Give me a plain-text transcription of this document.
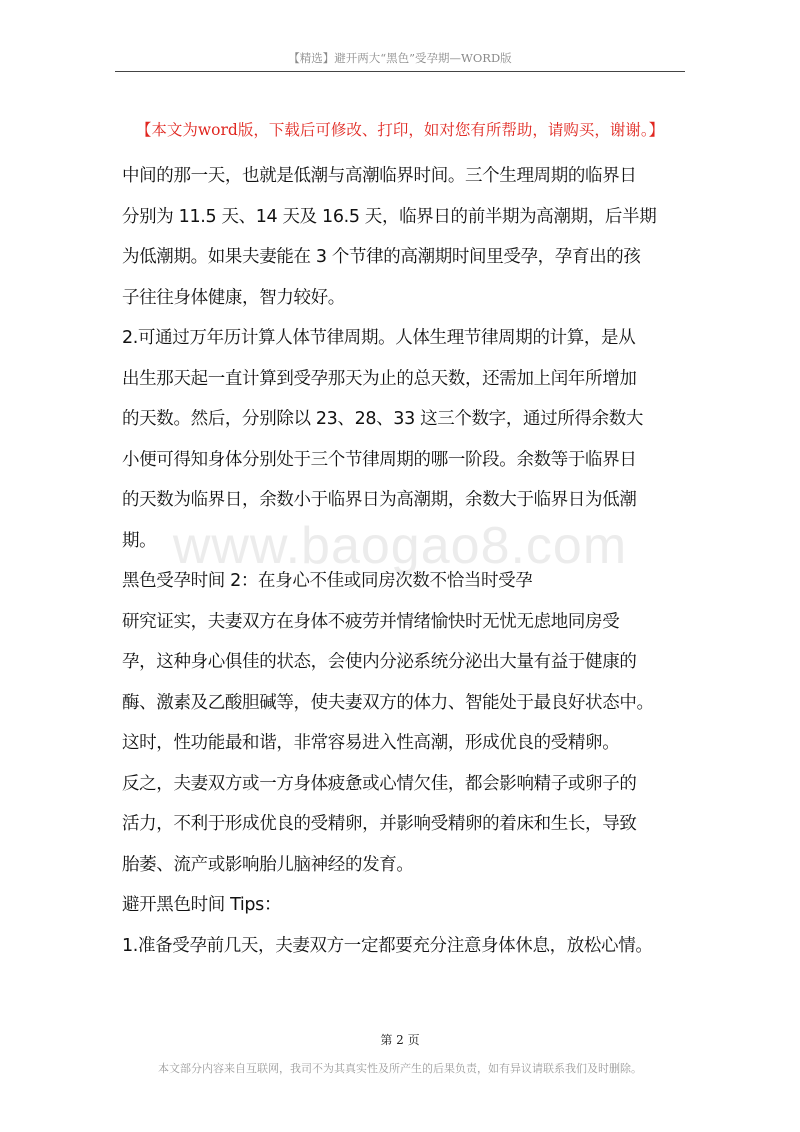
【精选】避开两大“黑色”受孕期—WORD版
【本文为word版，下载后可修改、打印，如对您有所帮助，请购买，谢谢。】
www.baogao8.com
中间的那一天，也就是低潮与高潮临界时间。三个生理周期的临界日
分别为 11.5 天、14 天及 16.5 天，临界日的前半期为高潮期，后半期
为低潮期。如果夫妻能在 3 个节律的高潮期时间里受孕，孕育出的孩
子往往身体健康，智力较好。
2.可通过万年历计算人体节律周期。人体生理节律周期的计算，是从
出生那天起一直计算到受孕那天为止的总天数，还需加上闰年所增加
的天数。然后，分别除以 23、28、33 这三个数字，通过所得余数大
小便可得知身体分别处于三个节律周期的哪一阶段。余数等于临界日
的天数为临界日，余数小于临界日为高潮期，余数大于临界日为低潮
期。
黑色受孕时间 2：在身心不佳或同房次数不恰当时受孕
研究证实，夫妻双方在身体不疲劳并情绪愉快时无忧无虑地同房受
孕，这种身心俱佳的状态，会使内分泌系统分泌出大量有益于健康的
酶、激素及乙酸胆碱等，使夫妻双方的体力、智能处于最良好状态中。
这时，性功能最和谐，非常容易进入性高潮，形成优良的受精卵。
反之，夫妻双方或一方身体疲惫或心情欠佳，都会影响精子或卵子的
活力，不利于形成优良的受精卵，并影响受精卵的着床和生长，导致
胎萎、流产或影响胎儿脑神经的发育。
避开黑色时间 Tips：
1.准备受孕前几天，夫妻双方一定都要充分注意身体休息，放松心情。
第 2 页
本文部分内容来自互联网，我司不为其真实性及所产生的后果负责，如有异议请联系我们及时删除。
